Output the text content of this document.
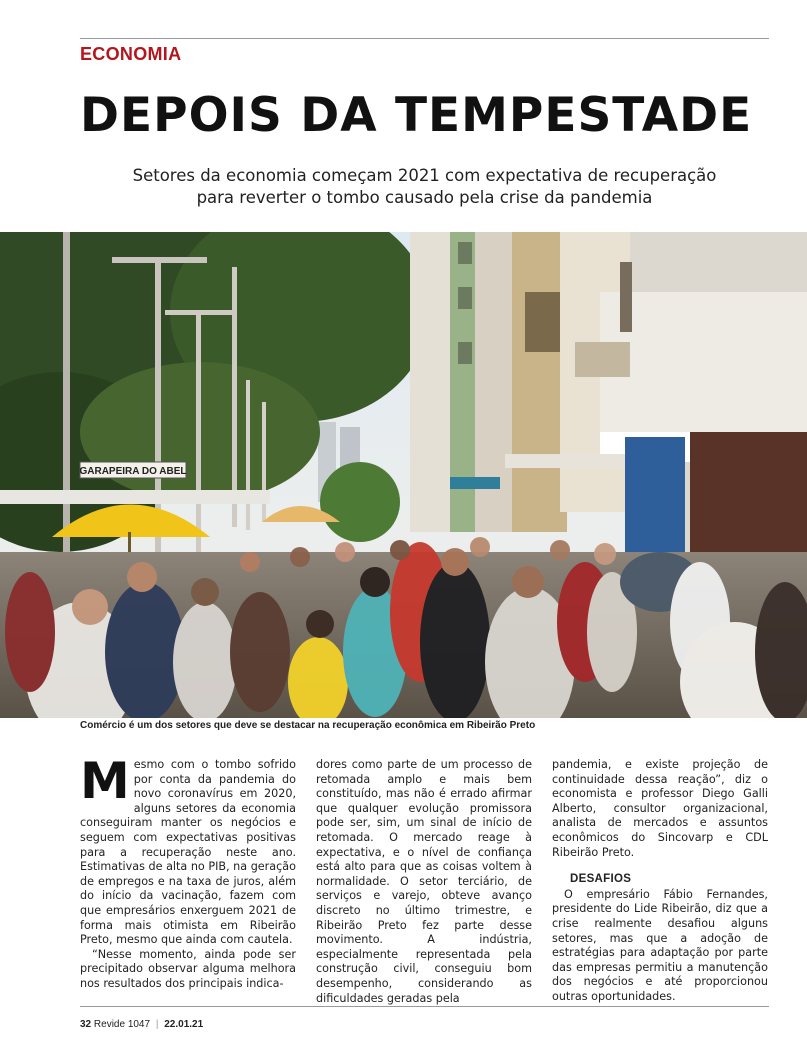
ECONOMIA
DEPOIS DA TEMPESTADE
Setores da economia começam 2021 com expectativa de recuperação
para reverter o tombo causado pela crise da pandemia
GARAPEIRA DO ABEL
Comércio é um dos setores que deve se destacar na recuperação econômica em Ribeirão Preto

Mesmo com o tombo sofrido por conta da pandemia do novo coronavírus em 2020, alguns setores da economia conseguiram manter os negócios e seguem com expectativas positivas para a recuperação neste ano. Estimativas de alta no PIB, na geração de empregos e na taxa de juros, além do início da vacinação, fazem com que empresários enxerguem 2021 de forma mais otimista em Ribeirão Preto, mesmo que ainda com cautela.

“Nesse momento, ainda pode ser precipitado observar alguma melhora nos resultados dos principais indica-

dores como parte de um processo de retomada amplo e mais bem constituído, mas não é errado afirmar que qualquer evolução promissora pode ser, sim, um sinal de início de retomada. O mercado reage à expectativa, e o nível de confiança está alto para que as coisas voltem à normalidade. O setor terciário, de serviços e varejo, obteve avanço discreto no último trimestre, e Ribeirão Preto fez parte desse movimento. A indústria, especialmente representada pela construção civil, conseguiu bom desempenho, considerando as dificuldades geradas pela

pandemia, e existe projeção de continuidade dessa reação”, diz o economista e professor Diego Galli Alberto, consultor organizacional, analista de mercados e assuntos econômicos do Sincovarp e CDL Ribeirão Preto.

DESAFIOS

O empresário Fábio Fernandes, presidente do Lide Ribeirão, diz que a crise realmente desafiou alguns setores, mas que a adoção de estratégias para adaptação por parte das empresas permitiu a manutenção dos negócios e até proporcionou outras oportunidades.

32 Revide 1047 | 22.01.21
